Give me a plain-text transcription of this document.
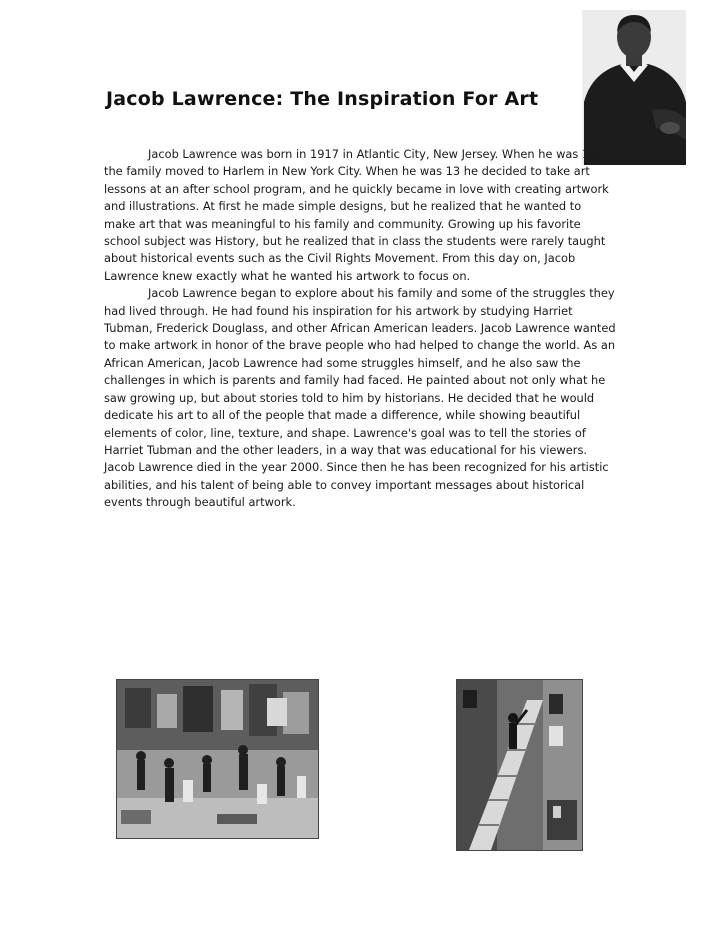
Jacob Lawrence: The Inspiration For Art

Jacob Lawrence was born in 1917 in Atlantic City, New Jersey. When he was 13, the family moved to Harlem in New York City. When he was 13 he decided to take art lessons at an after school program, and he quickly became in love with creating artwork and illustrations. At first he made simple designs, but he realized that he wanted to make art that was meaningful to his family and community. Growing up his favorite school subject was History, but he realized that in class the students were rarely taught about historical events such as the Civil Rights Movement. From this day on, Jacob Lawrence knew exactly what he wanted his artwork to focus on.

Jacob Lawrence began to explore about his family and some of the struggles they had lived through. He had found his inspiration for his artwork by studying Harriet Tubman, Frederick Douglass, and other African American leaders. Jacob Lawrence wanted to make artwork in honor of the brave people who had helped to change the world. As an African American, Jacob Lawrence had some struggles himself, and he also saw the challenges in which is parents and family had faced. He painted about not only what he saw growing up, but about stories told to him by historians. He decided that he would dedicate his art to all of the people that made a difference, while showing beautiful elements of color, line, texture, and shape. Lawrence's goal was to tell the stories of Harriet Tubman and the other leaders, in a way that was educational for his viewers. Jacob Lawrence died in the year 2000. Since then he has been recognized for his artistic abilities, and his talent of being able to convey important messages about historical events through beautiful artwork.
